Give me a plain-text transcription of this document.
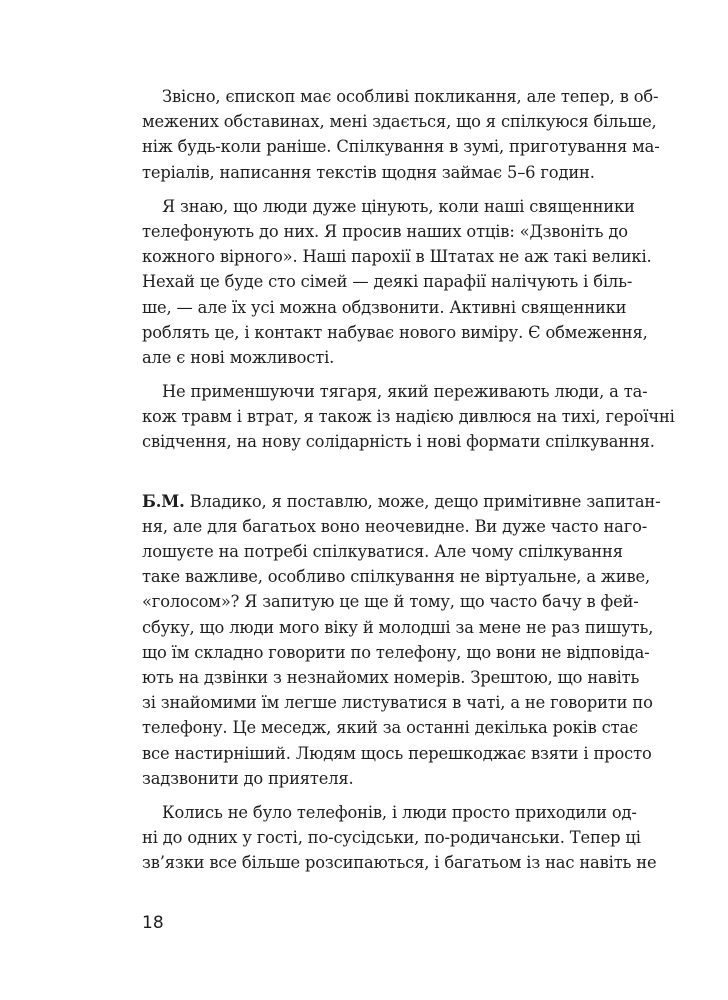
Звісно, єпископ має особливі покликання, але тепер, в об-
межених обставинах, мені здається, що я спілкуюся більше,
ніж будь-коли раніше. Спілкування в зумі, приготування ма-
теріалів, написання текстів щодня займає 5–6 годин.
Я знаю, що люди дуже цінують, коли наші священники
телефонують до них. Я просив наших отців: «Дзвоніть до
кожного вірного». Наші парохії в Штатах не аж такі великі.
Нехай це буде сто сімей — деякі парафії налічують і біль-
ше, — але їх усі можна обдзвонити. Активні священники
роблять це, і контакт набуває нового виміру. Є обмеження,
але є нові можливості.
Не применшуючи тягаря, який переживають люди, а та-
кож травм і втрат, я також із надією дивлюся на тихі, героїчні
свідчення, на нову солідарність і нові формати спілкування.
Б.М. Владико, я поставлю, може, дещо примітивне запитан-
ня, але для багатьох воно неочевидне. Ви дуже часто наго-
лошуєте на потребі спілкуватися. Але чому спілкування
таке важливе, особливо спілкування не віртуальне, а живе,
«голосом»? Я запитую це ще й тому, що часто бачу в фей-
сбуку, що люди мого віку й молодші за мене не раз пишуть,
що їм складно говорити по телефону, що вони не відповіда-
ють на дзвінки з незнайомих номерів. Зрештою, що навіть
зі знайомими їм легше листуватися в чаті, а не говорити по
телефону. Це меседж, який за останні декілька років стає
все настирніший. Людям щось перешкоджає взяти і просто
задзвонити до приятеля.
Колись не було телефонів, і люди просто приходили од-
ні до одних у гості, по-сусідськи, по-родичанськи. Тепер ці
зв’язки все більше розсипаються, і багатьом із нас навіть не
18
